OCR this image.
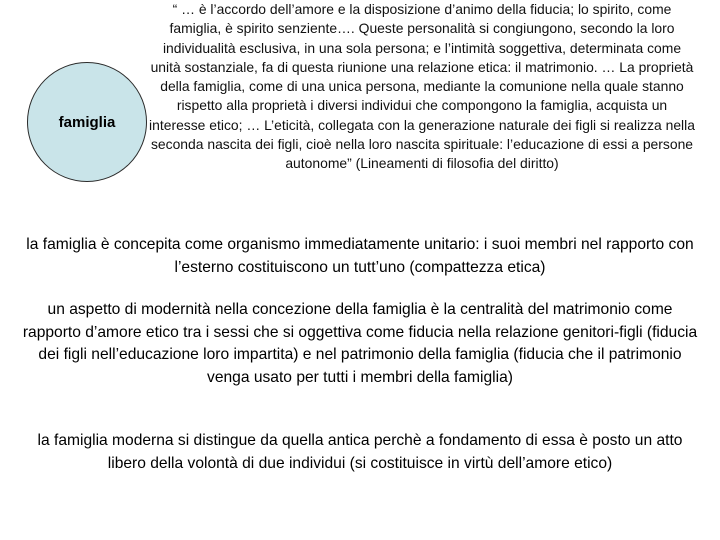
famiglia
“ … è l’accordo dell’amore e la disposizione d’animo della fiducia; lo spirito, come famiglia, è spirito senziente…. Queste personalità si congiungono, secondo la loro individualità esclusiva, in una sola persona; e l’intimità soggettiva, determinata come unità sostanziale, fa di questa riunione una relazione etica: il matrimonio. … La proprietà della famiglia, come di una unica persona, mediante la comunione nella quale stanno rispetto alla proprietà i diversi individui che compongono la famiglia, acquista un interesse etico; … L’eticità, collegata con la generazione naturale dei figli si realizza nella seconda nascita dei figli, cioè nella loro nascita spirituale: l’educazione di essi a persone autonome” (Lineamenti di filosofia del diritto)
la famiglia è concepita come organismo immediatamente unitario: i suoi membri nel rapporto con l’esterno costituiscono un tutt’uno (compattezza etica)
un aspetto di modernità nella concezione della famiglia è la centralità del matrimonio come rapporto d’amore etico tra i sessi che si oggettiva come fiducia nella relazione genitori-figli (fiducia dei figli nell’educazione loro impartita) e nel patrimonio della famiglia (fiducia che il patrimonio venga usato per tutti i membri della famiglia)
la famiglia moderna si distingue da quella antica perchè a fondamento di essa è posto un atto libero della volontà di due individui (si costituisce in virtù dell’amore etico)
